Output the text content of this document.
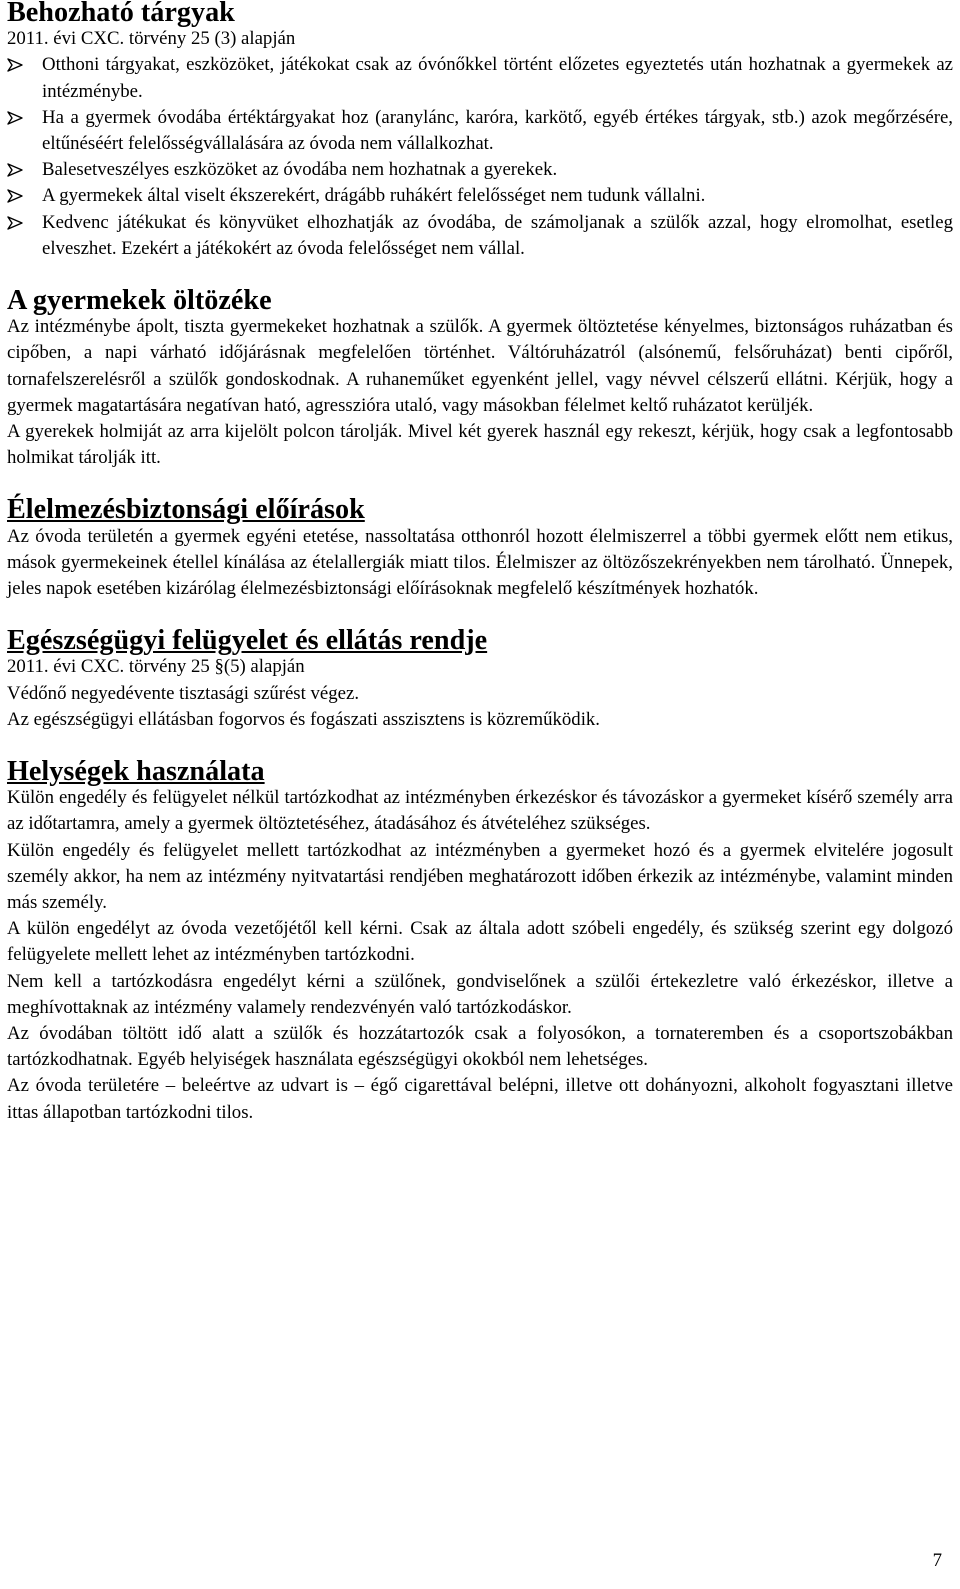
Behozható tárgyak

2011. évi CXC. törvény 25 (3) alapján

Otthoni tárgyakat, eszközöket, játékokat csak az óvónőkkel történt előzetes egyeztetés után hozhatnak a gyermekek az intézménybe.
Ha a gyermek óvodába értéktárgyakat hoz (aranylánc, karóra, karkötő, egyéb értékes tárgyak, stb.) azok megőrzésére, eltűnéséért felelősségvállalására az óvoda nem vállalkozhat.
Balesetveszélyes eszközöket az óvodába nem hozhatnak a gyerekek.
A gyermekek által viselt ékszerekért, drágább ruhákért felelősséget nem tudunk vállalni.
Kedvenc játékukat és könyvüket elhozhatják az óvodába, de számoljanak a szülők azzal, hogy elromolhat, esetleg elveszhet. Ezekért a játékokért az óvoda felelősséget nem vállal.
A gyermekek öltözéke

Az intézménybe ápolt, tiszta gyermekeket hozhatnak a szülők. A gyermek öltöztetése kényelmes, biztonságos ruházatban és cipőben, a napi várható időjárásnak megfelelően történhet. Váltóruházatról (alsónemű, felsőruházat) benti cipőről, tornafelszerelésről a szülők gondoskodnak. A ruhaneműket egyenként jellel, vagy névvel célszerű ellátni. Kérjük, hogy a gyermek magatartására negatívan ható, agresszióra utaló, vagy másokban félelmet keltő ruházatot kerüljék.

A gyerekek holmiját az arra kijelölt polcon tárolják. Mivel két gyerek használ egy rekeszt, kérjük, hogy csak a legfontosabb holmikat tárolják itt.

Élelmezésbiztonsági előírások

Az óvoda területén a gyermek egyéni etetése, nassoltatása otthonról hozott élelmiszerrel a többi gyermek előtt nem etikus, mások gyermekeinek étellel kínálása az ételallergiák miatt tilos. Élelmiszer az öltözőszekrényekben nem tárolható. Ünnepek, jeles napok esetében kizárólag élelmezésbiztonsági előírásoknak megfelelő készítmények hozhatók.

Egészségügyi felügyelet és ellátás rendje

2011. évi CXC. törvény 25 §(5) alapján

Védőnő negyedévente tisztasági szűrést végez.

Az egészségügyi ellátásban fogorvos és fogászati asszisztens is közreműködik.

Helységek használata

Külön engedély és felügyelet nélkül tartózkodhat az intézményben érkezéskor és távozáskor a gyermeket kísérő személy arra az időtartamra, amely a gyermek öltöztetéséhez, átadásához és átvételéhez szükséges.

Külön engedély és felügyelet mellett tartózkodhat az intézményben a gyermeket hozó és a gyermek elvitelére jogosult személy akkor, ha nem az intézmény nyitvatartási rendjében meghatározott időben érkezik az intézménybe, valamint minden más személy.

A külön engedélyt az óvoda vezetőjétől kell kérni. Csak az általa adott szóbeli engedély, és szükség szerint egy dolgozó felügyelete mellett lehet az intézményben tartózkodni.

Nem kell a tartózkodásra engedélyt kérni a szülőnek, gondviselőnek a szülői értekezletre való érkezéskor, illetve a meghívottaknak az intézmény valamely rendezvényén való tartózkodáskor.

Az óvodában töltött idő alatt a szülők és hozzátartozók csak a folyosókon, a tornateremben és a csoportszobákban tartózkodhatnak. Egyéb helyiségek használata egészségügyi okokból nem lehetséges.

Az óvoda területére – beleértve az udvart is – égő cigarettával belépni, illetve ott dohányozni, alkoholt fogyasztani illetve ittas állapotban tartózkodni tilos.

7
